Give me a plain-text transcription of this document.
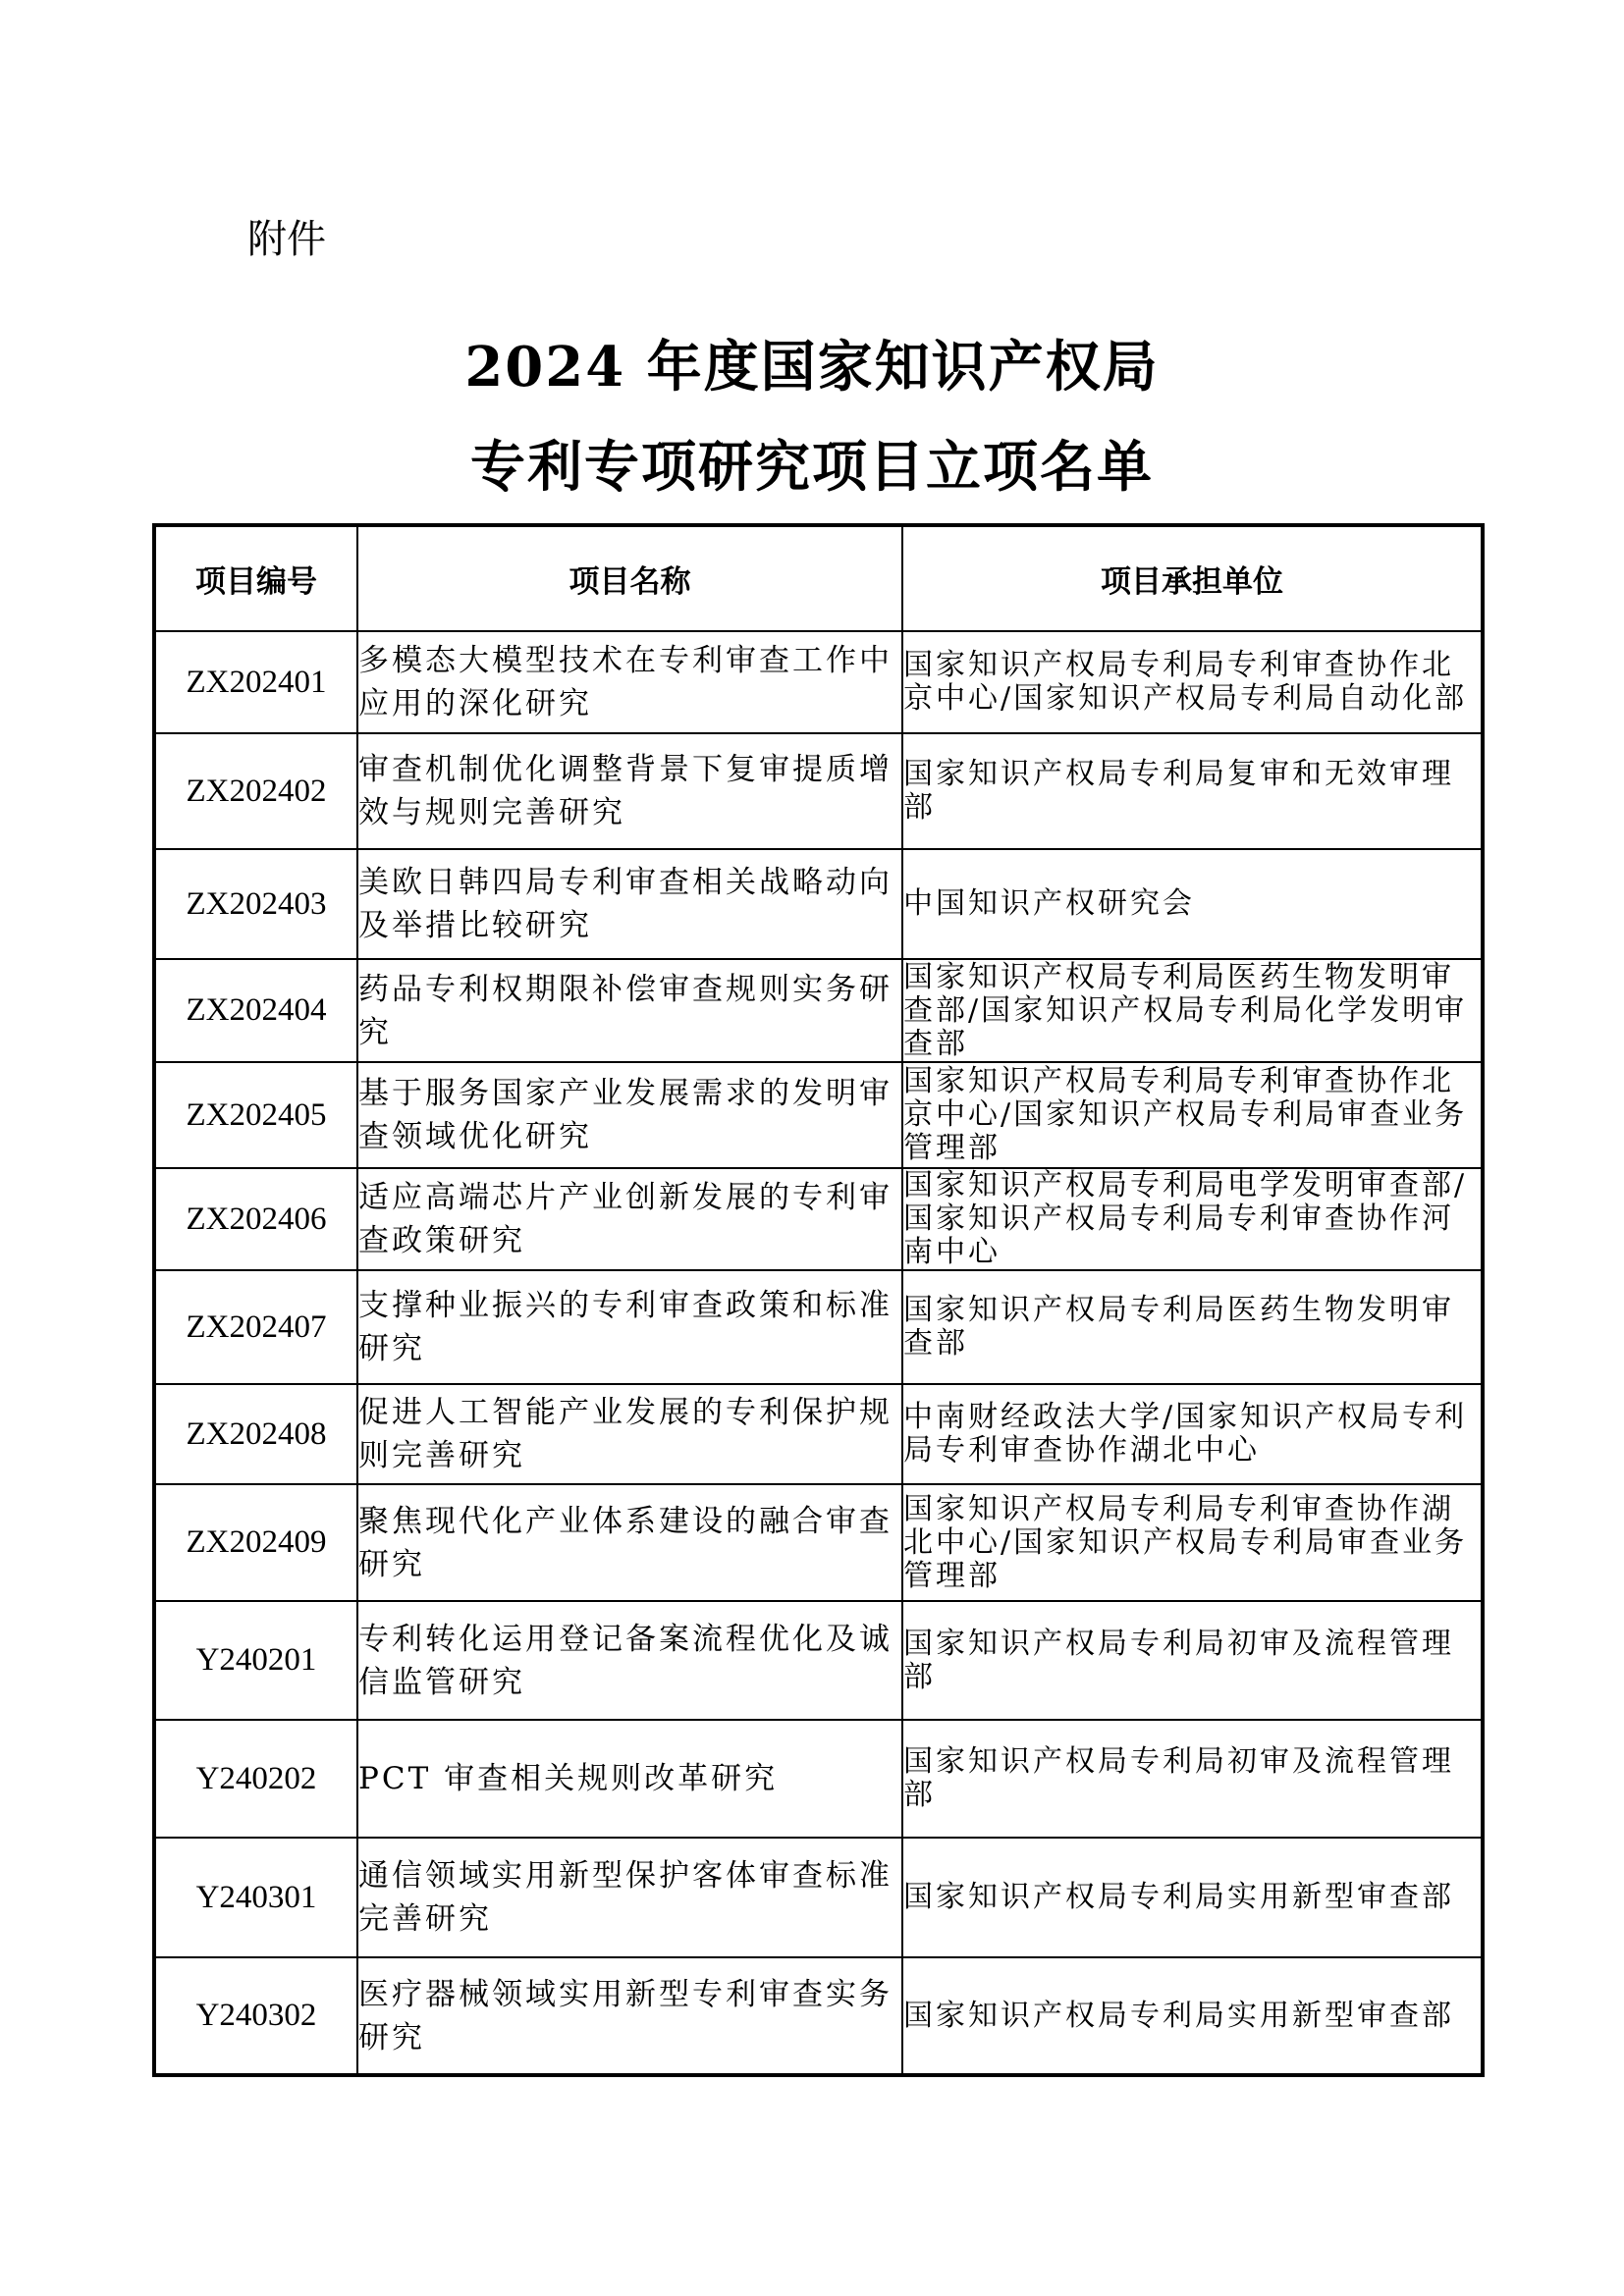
附件
2024 年度国家知识产权局
专利专项研究项目立项名单
项目编号	项目名称	项目承担单位
ZX202401	多模态大模型技术在专利审查工作中应用的深化研究	国家知识产权局专利局专利审查协作北京中心/国家知识产权局专利局自动化部
ZX202402	审查机制优化调整背景下复审提质增效与规则完善研究	国家知识产权局专利局复审和无效审理部
ZX202403	美欧日韩四局专利审查相关战略动向及举措比较研究	中国知识产权研究会
ZX202404	药品专利权期限补偿审查规则实务研究	国家知识产权局专利局医药生物发明审查部/国家知识产权局专利局化学发明审查部
ZX202405	基于服务国家产业发展需求的发明审查领域优化研究	国家知识产权局专利局专利审查协作北京中心/国家知识产权局专利局审查业务管理部
ZX202406	适应高端芯片产业创新发展的专利审查政策研究	国家知识产权局专利局电学发明审查部/国家知识产权局专利局专利审查协作河南中心
ZX202407	支撑种业振兴的专利审查政策和标准研究	国家知识产权局专利局医药生物发明审查部
ZX202408	促进人工智能产业发展的专利保护规则完善研究	中南财经政法大学/国家知识产权局专利局专利审查协作湖北中心
ZX202409	聚焦现代化产业体系建设的融合审查研究	国家知识产权局专利局专利审查协作湖北中心/国家知识产权局专利局审查业务管理部
Y240201	专利转化运用登记备案流程优化及诚信监管研究	国家知识产权局专利局初审及流程管理部
Y240202	PCT 审查相关规则改革研究	国家知识产权局专利局初审及流程管理部
Y240301	通信领域实用新型保护客体审查标准完善研究	国家知识产权局专利局实用新型审查部
Y240302	医疗器械领域实用新型专利审查实务研究	国家知识产权局专利局实用新型审查部
